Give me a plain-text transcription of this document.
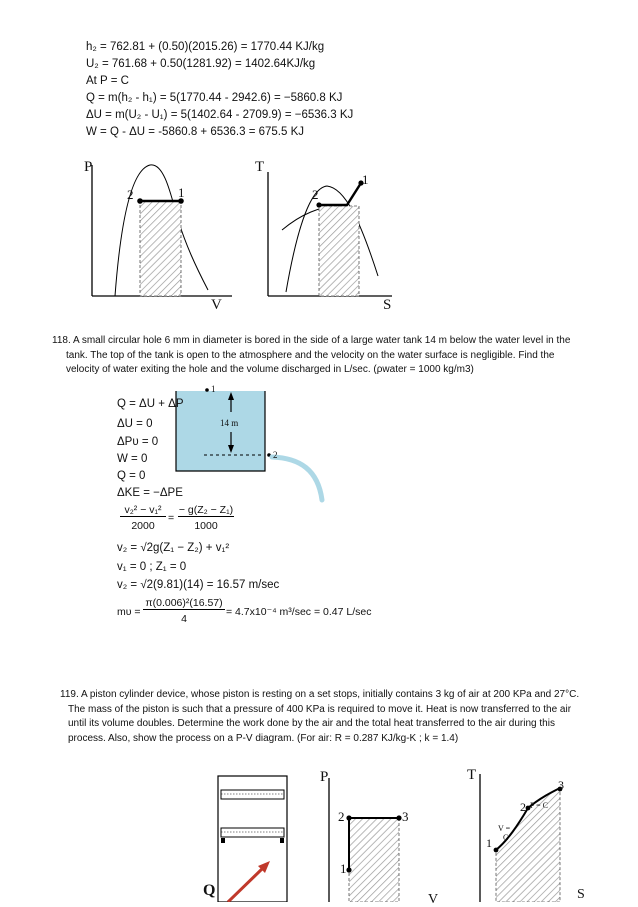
h₂ = 762.81 + (0.50)(2015.26) = 1770.44 KJ/kg
U₂ = 761.68 + 0.50(1281.92) = 1402.64KJ/kg
At P = C
Q = m(h₂ - h₁) = 5(1770.44 - 2942.6) = −5860.8 KJ
ΔU = m(U₂ - U₁) = 5(1402.64 - 2709.9) = −6536.3 KJ
W = Q - ΔU = -5860.8 + 6536.3 = 675.5 KJ
P
V
2	1
T
S
2
1

118. A small circular hole 6 mm in diameter is bored in the side of a large water tank 14 m below the water level in the

tank. The top of the tank is open to the atmosphere and the velocity on the water surface is negligible. Find the

velocity of water exiting the hole and the volume discharged in L/sec. (ρwater = 1000 kg/m3)

1
2
14 m
Q = ΔU + ΔP
ΔU = 0
ΔPυ = 0
W = 0
Q = 0
ΔKE = −ΔPE
v₂² − v₁²
2000
=
− g(Z₂ − Z₁)
1000
v₂ = √2g(Z₁ − Z₂) + v₁²
v₁ = 0 ; Z₁ = 0
v₂ = √2(9.81)(14) = 16.57 m/sec
mυ =
π(0.006)²(16.57)
4
= 4.7x10⁻⁴ m³/sec = 0.47 L/sec

119. A piston cylinder device, whose piston is resting on a set stops, initially contains 3 kg of air at 200 KPa and 27°C.

The mass of the piston is such that a pressure of 400 KPa is required to move it. Heat is now transferred to the air

until its volume doubles. Determine the work done by the air and the total heat transferred to the air during this

process. Also, show the process on a P-V diagram. (For air: R = 0.287 KJ/kg-K ; k = 1.4)

Q
P
V
2	3
1
T
S
1
2
3
P = C
V =
C
